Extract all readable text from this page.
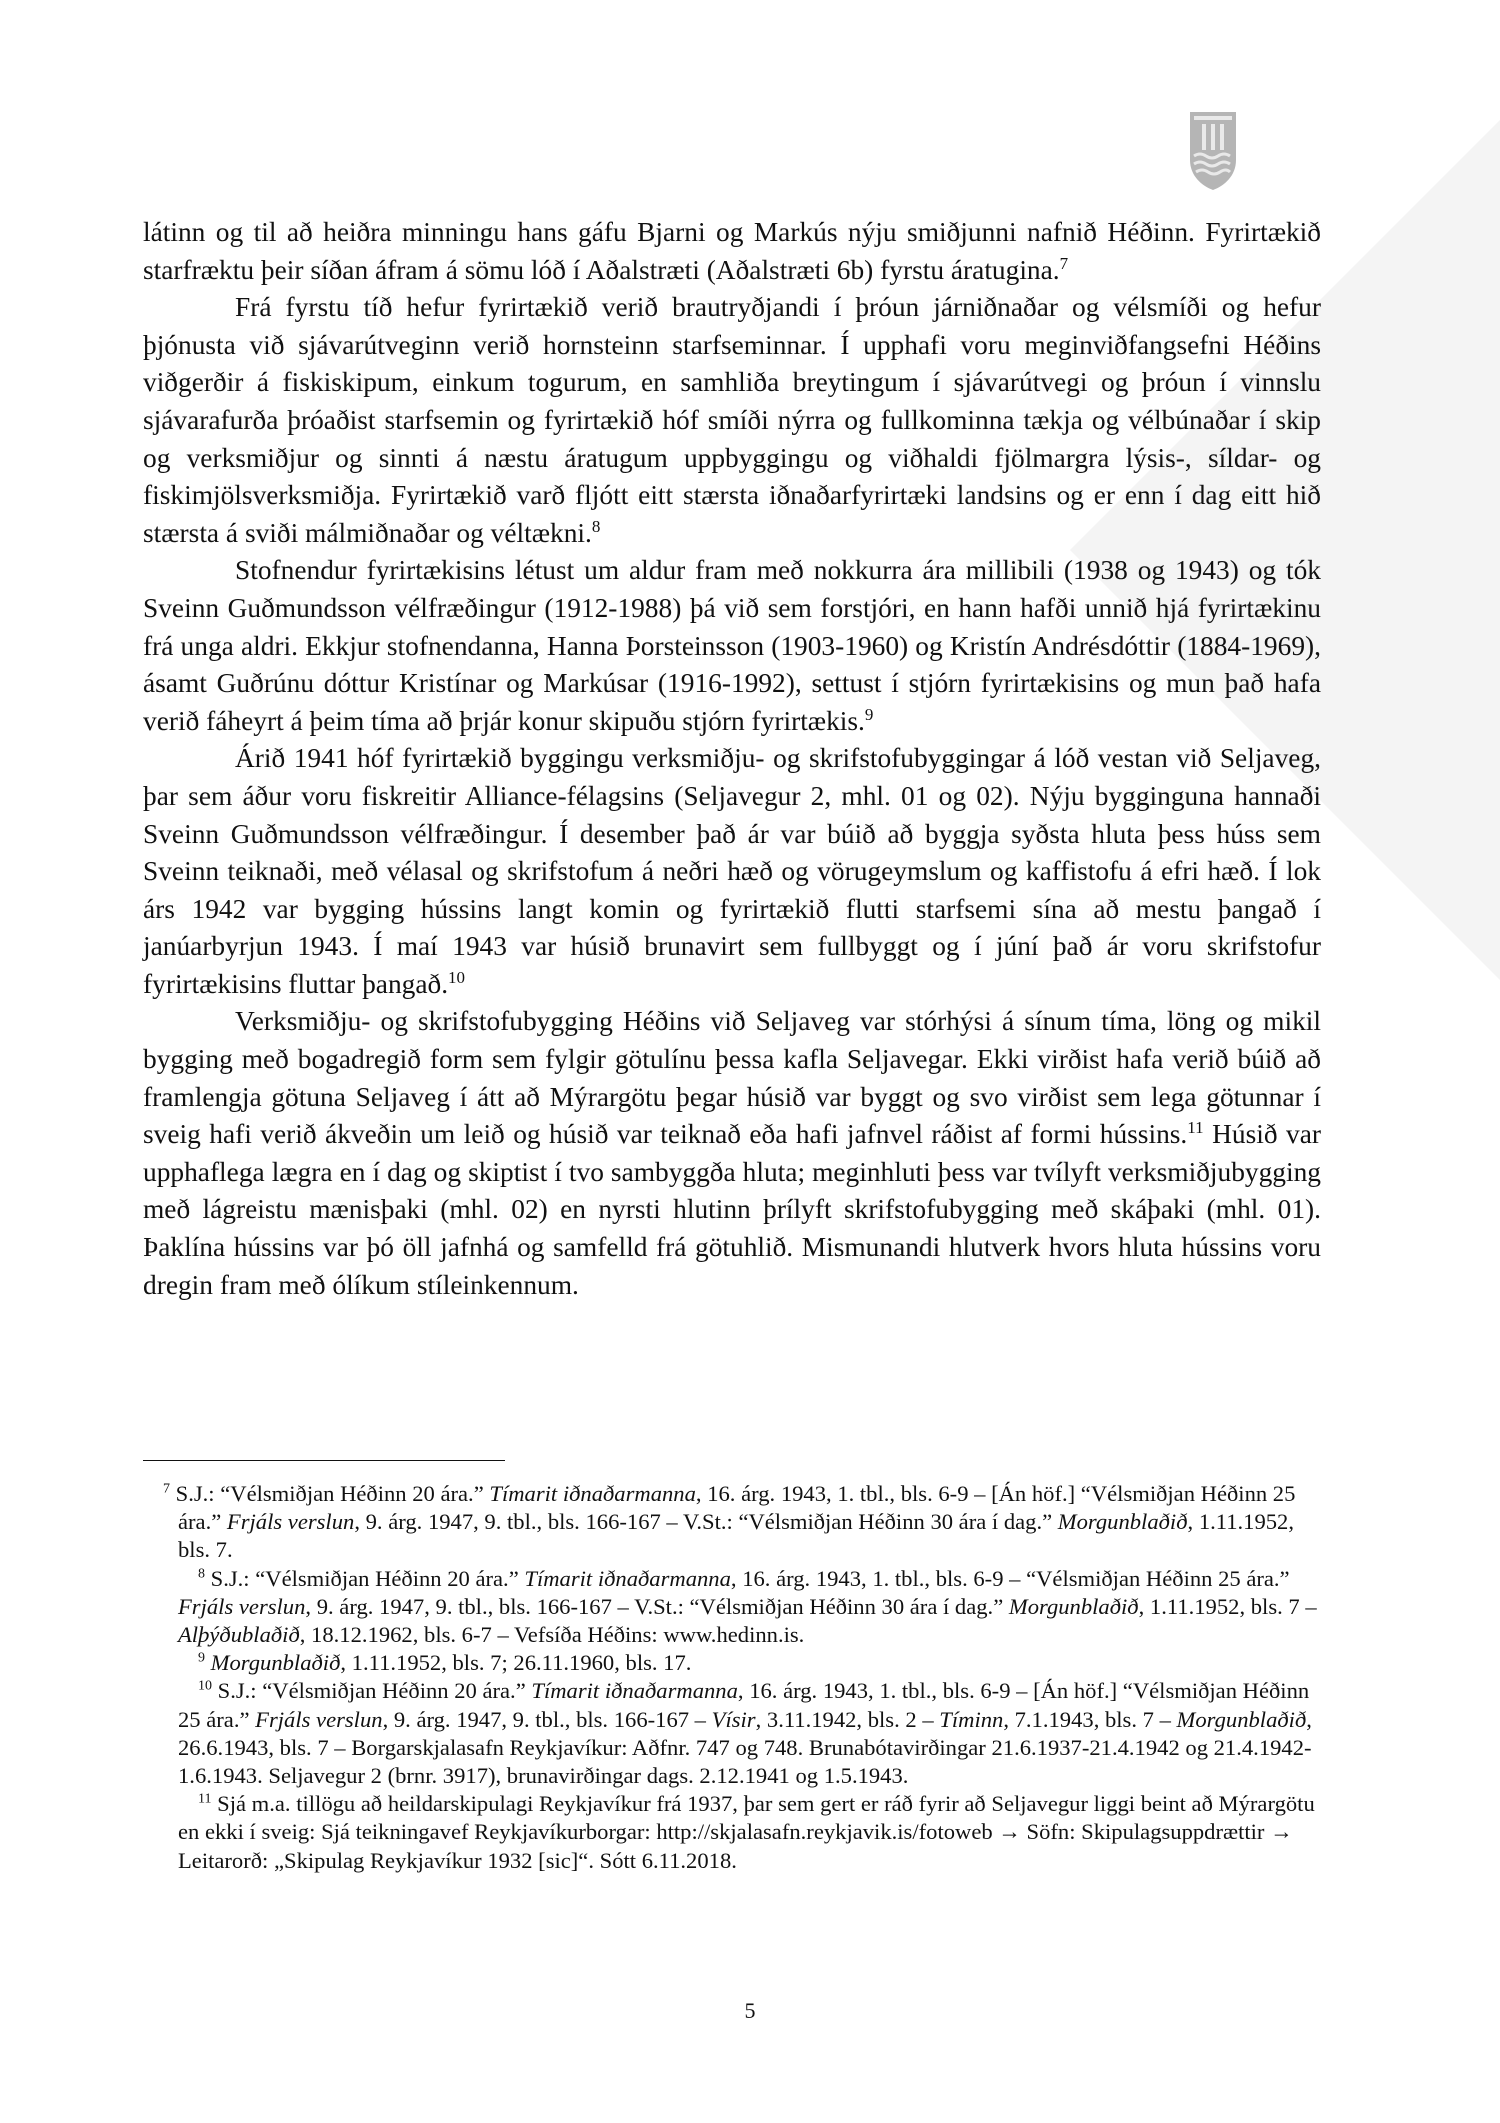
látinn og til að heiðra minningu hans gáfu Bjarni og Markús nýju smiðjunni nafnið Héðinn. Fyrirtækið starfræktu þeir síðan áfram á sömu lóð í Aðalstræti (Aðalstræti 6b) fyrstu áratugina.$^7$

Frá fyrstu tíð hefur fyrirtækið verið brautryðjandi í þróun járniðnaðar og vélsmíði og hefur þjónusta við sjávarútveginn verið hornsteinn starfseminnar. Í upphafi voru meginviðfangsefni Héðins viðgerðir á fiskiskipum, einkum togurum, en samhliða breytingum í sjávarútvegi og þróun í vinnslu sjávarafurða þróaðist starfsemin og fyrirtækið hóf smíði nýrra og fullkominna tækja og vélbúnaðar í skip og verksmiðjur og sinnti á næstu áratugum uppbyggingu og viðhaldi fjölmargra lýsis-, síldar- og fiskimjölsverksmiðja. Fyrirtækið varð fljótt eitt stærsta iðnaðarfyrirtæki landsins og er enn í dag eitt hið stærsta á sviði málmiðnaðar og véltækni.$^8$

Stofnendur fyrirtækisins létust um aldur fram með nokkurra ára millibili (1938 og 1943) og tók Sveinn Guðmundsson vélfræðingur (1912-1988) þá við sem forstjóri, en hann hafði unnið hjá fyrirtækinu frá unga aldri. Ekkjur stofnendanna, Hanna Þorsteinsson (1903-1960) og Kristín Andrésdóttir (1884-1969), ásamt Guðrúnu dóttur Kristínar og Markúsar (1916-1992), settust í stjórn fyrirtækisins og mun það hafa verið fáheyrt á þeim tíma að þrjár konur skipuðu stjórn fyrirtækis.$^9$

Árið 1941 hóf fyrirtækið byggingu verksmiðju- og skrifstofubyggingar á lóð vestan við Seljaveg, þar sem áður voru fiskreitir Alliance-félagsins (Seljavegur 2, mhl. 01 og 02). Nýju bygginguna hannaði Sveinn Guðmundsson vélfræðingur. Í desember það ár var búið að byggja syðsta hluta þess húss sem Sveinn teiknaði, með vélasal og skrifstofum á neðri hæð og vörugeymslum og kaffistofu á efri hæð. Í lok árs 1942 var bygging hússins langt komin og fyrirtækið flutti starfsemi sína að mestu þangað í janúarbyrjun 1943. Í maí 1943 var húsið brunavirt sem fullbyggt og í júní það ár voru skrifstofur fyrirtækisins fluttar þangað.$^{10}$

Verksmiðju- og skrifstofubygging Héðins við Seljaveg var stórhýsi á sínum tíma, löng og mikil bygging með bogadregið form sem fylgir götulínu þessa kafla Seljavegar. Ekki virðist hafa verið búið að framlengja götuna Seljaveg í átt að Mýrargötu þegar húsið var byggt og svo virðist sem lega götunnar í sveig hafi verið ákveðin um leið og húsið var teiknað eða hafi jafnvel ráðist af formi hússins.$^{11}$ Húsið var upphaflega lægra en í dag og skiptist í tvo sambyggða hluta; meginhluti þess var tvílyft verksmiðjubygging með lágreistu mænisþaki (mhl. 02) en nyrsti hlutinn þrílyft skrifstofubygging með skáþaki (mhl. 01). Þaklína hússins var þó öll jafnhá og samfelld frá götuhlið. Mismunandi hlutverk hvors hluta hússins voru dregin fram með ólíkum stíleinkennum.

$^7$ S.J.: “Vélsmiðjan Héðinn 20 ára.” Tímarit iðnaðarmanna, 16. árg. 1943, 1. tbl., bls. 6-9 – [Án höf.] “Vélsmiðjan Héðinn 25 ára.” Frjáls verslun, 9. árg. 1947, 9. tbl., bls. 166-167 – V.St.: “Vélsmiðjan Héðinn 30 ára í dag.” Morgunblaðið, 1.11.1952, bls. 7.

$^8$ S.J.: “Vélsmiðjan Héðinn 20 ára.” Tímarit iðnaðarmanna, 16. árg. 1943, 1. tbl., bls. 6-9 – “Vélsmiðjan Héðinn 25 ára.” Frjáls verslun, 9. árg. 1947, 9. tbl., bls. 166-167 – V.St.: “Vélsmiðjan Héðinn 30 ára í dag.” Morgunblaðið, 1.11.1952, bls. 7 – Alþýðublaðið, 18.12.1962, bls. 6-7 – Vefsíða Héðins: www.hedinn.is.

$^9$ Morgunblaðið, 1.11.1952, bls. 7; 26.11.1960, bls. 17.

$^{10}$ S.J.: “Vélsmiðjan Héðinn 20 ára.” Tímarit iðnaðarmanna, 16. árg. 1943, 1. tbl., bls. 6-9 – [Án höf.] “Vélsmiðjan Héðinn 25 ára.” Frjáls verslun, 9. árg. 1947, 9. tbl., bls. 166-167 – Vísir, 3.11.1942, bls. 2 – Tíminn, 7.1.1943, bls. 7 – Morgunblaðið, 26.6.1943, bls. 7 – Borgarskjalasafn Reykjavíkur: Aðfnr. 747 og 748. Brunabótavirðingar 21.6.1937-21.4.1942 og 21.4.1942-1.6.1943. Seljavegur 2 (brnr. 3917), brunavirðingar dags. 2.12.1941 og 1.5.1943.

$^{11}$ Sjá m.a. tillögu að heildarskipulagi Reykjavíkur frá 1937, þar sem gert er ráð fyrir að Seljavegur liggi beint að Mýrargötu en ekki í sveig: Sjá teikningavef Reykjavíkurborgar: http://skjalasafn.reykjavik.is/fotoweb → Söfn: Skipulagsuppdrættir → Leitarorð: „Skipulag Reykjavíkur 1932 [sic]“. Sótt 6.11.2018.

5
